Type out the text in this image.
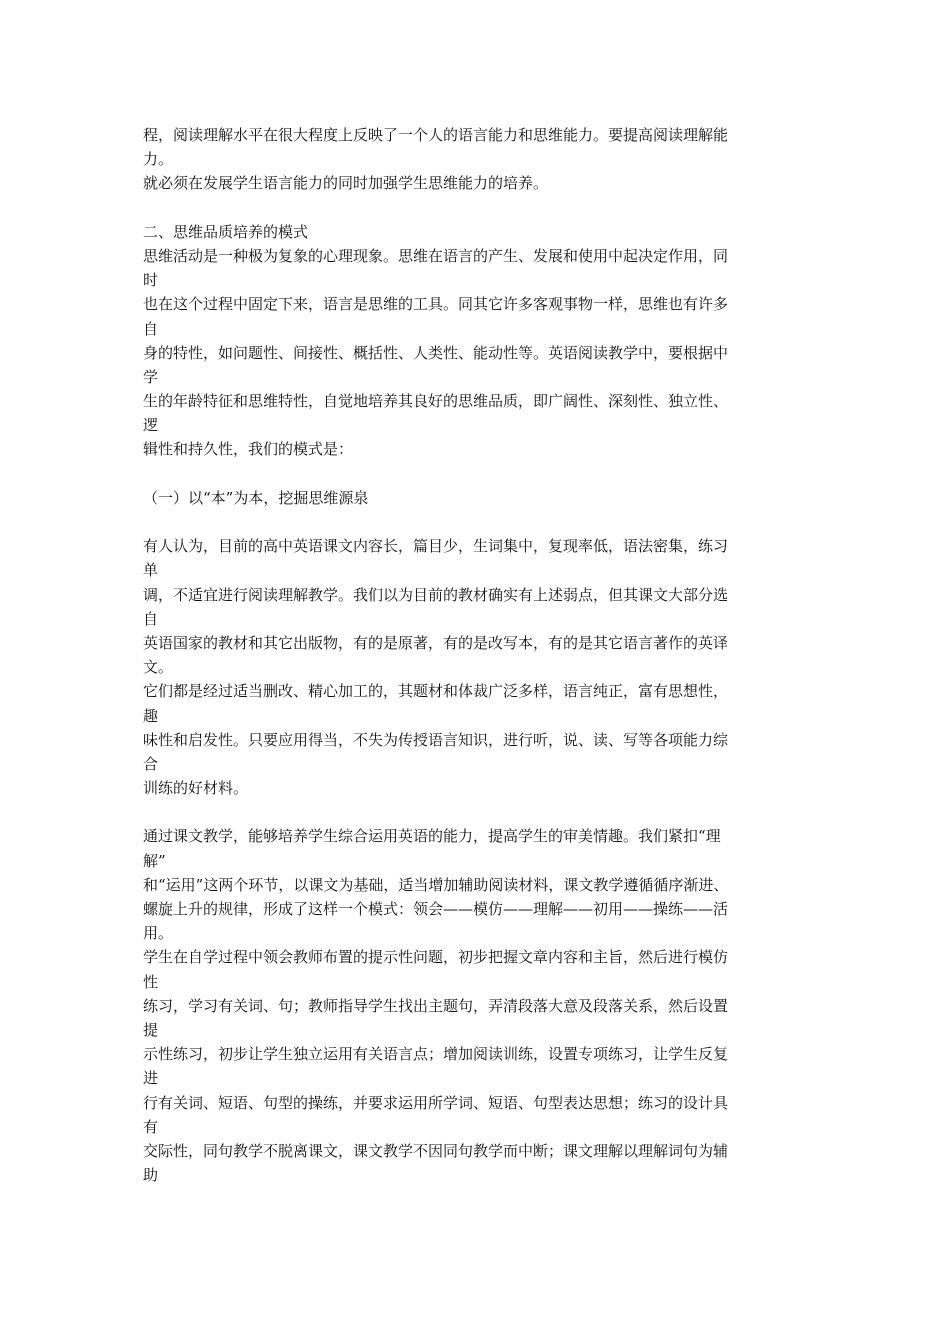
程，阅读理解水平在很大程度上反映了一个人的语言能力和思维能力。要提高阅读理解能
力。
就必须在发展学生语言能力的同时加强学生思维能力的培养。
二、思维品质培养的模式
思维活动是一种极为复象的心理现象。思维在语言的产生、发展和使用中起决定作用，同
时
也在这个过程中固定下来，语言是思维的工具。同其它许多客观事物一样，思维也有许多
自
身的特性，如问题性、间接性、概括性、人类性、能动性等。英语阅读教学中，要根据中
学
生的年龄特征和思维特性，自觉地培养其良好的思维品质，即广阔性、深刻性、独立性、
逻
辑性和持久性，我们的模式是：
（一）以“本”为本，挖掘思维源泉
有人认为，目前的高中英语课文内容长，篇目少，生词集中，复现率低，语法密集，练习
单
调，不适宜进行阅读理解教学。我们以为目前的教材确实有上述弱点，但其课文大部分选
自
英语国家的教材和其它出版物，有的是原著，有的是改写本，有的是其它语言著作的英译
文。
它们都是经过适当删改、精心加工的，其题材和体裁广泛多样，语言纯正，富有思想性，
趣
味性和启发性。只要应用得当，不失为传授语言知识，进行听，说、读、写等各项能力综
合
训练的好材料。
通过课文教学，能够培养学生综合运用英语的能力，提高学生的审美情趣。我们紧扣“理
解”
和“运用”这两个环节，以课文为基础，适当增加辅助阅读材料，课文教学遵循循序渐进、
螺旋上升的规律，形成了这样一个模式：领会——模仿——理解——初用——操练——活
用。
学生在自学过程中领会教师布置的提示性问题，初步把握文章内容和主旨，然后进行模仿
性
练习，学习有关词、句；教师指导学生找出主题句，弄清段落大意及段落关系，然后设置
提
示性练习，初步让学生独立运用有关语言点；增加阅读训练，设置专项练习，让学生反复
进
行有关词、短语、句型的操练，并要求运用所学词、短语、句型表达思想；练习的设计具
有
交际性，同句教学不脱离课文，课文教学不因同句教学而中断；课文理解以理解词句为辅
助
